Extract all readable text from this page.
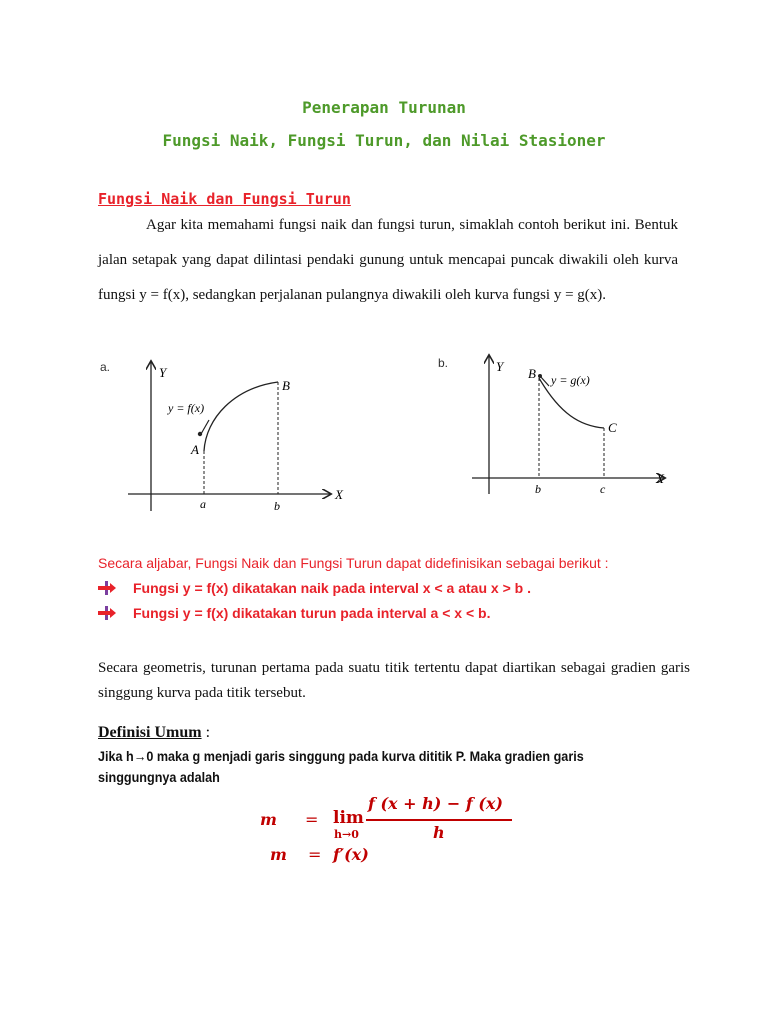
Penerapan Turunan
Fungsi Naik, Fungsi Turun, dan Nilai Stasioner
Fungsi Naik dan Fungsi Turun
Agar kita memahami fungsi naik dan fungsi turun, simaklah contoh berikut ini. Bentuk jalan setapak yang dapat dilintasi pendaki gunung untuk mencapai puncak diwakili oleh kurva fungsi y = f(x), sedangkan perjalanan pulangnya diwakili oleh kurva fungsi y = g(x).
a.	Y
X
y = f(x)
A
B
a	b
b.	Y
X
B y = g(x)
C
b	c
Secara aljabar, Fungsi Naik dan Fungsi Turun dapat didefinisikan sebagai berikut :
Fungsi y = f(x) dikatakan naik pada interval x < a atau x > b .
Fungsi y = f(x) dikatakan turun pada interval a < x < b.
Secara geometris, turunan pertama pada suatu titik tertentu dapat diartikan sebagai gradien garis singgung kurva pada titik tersebut.
Definisi Umum :
Jika h→0 maka g menjadi garis singgung pada kurva dititik P. Maka gradien garis singgungnya adalah
m = lim
h→0
f (x + h) − f (x)
h
m = f′(x)
